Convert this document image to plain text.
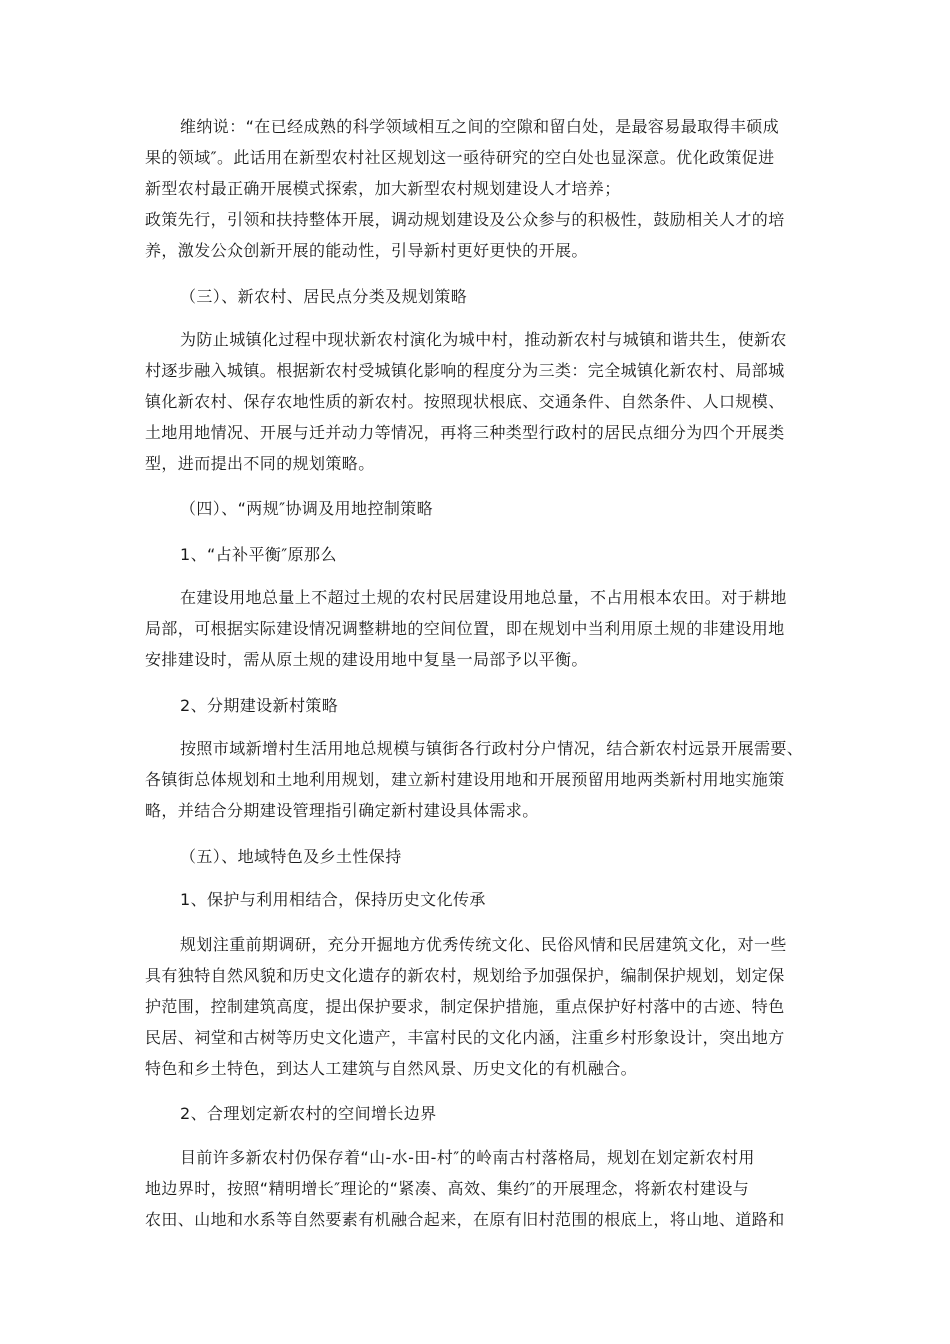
维纳说：“在已经成熟的科学领域相互之间的空隙和留白处，是最容易最取得丰硕成
果的领域″。此话用在新型农村社区规划这一亟待研究的空白处也显深意。优化政策促进
新型农村最正确开展模式探索，加大新型农村规划建设人才培养；
政策先行，引领和扶持整体开展，调动规划建设及公众参与的积极性，鼓励相关人才的培
养，激发公众创新开展的能动性，引导新村更好更快的开展。
（三）、新农村、居民点分类及规划策略
为防止城镇化过程中现状新农村演化为城中村，推动新农村与城镇和谐共生，使新农
村逐步融入城镇。根据新农村受城镇化影响的程度分为三类：完全城镇化新农村、局部城
镇化新农村、保存农地性质的新农村。按照现状根底、交通条件、自然条件、人口规模、
土地用地情况、开展与迁并动力等情况，再将三种类型行政村的居民点细分为四个开展类
型，进而提出不同的规划策略。
（四）、“两规″协调及用地控制策略
1、“占补平衡″原那么
在建设用地总量上不超过土规的农村民居建设用地总量，不占用根本农田。对于耕地
局部，可根据实际建设情况调整耕地的空间位置，即在规划中当利用原土规的非建设用地
安排建设时，需从原土规的建设用地中复垦一局部予以平衡。
2、分期建设新村策略
按照市域新增村生活用地总规模与镇街各行政村分户情况，结合新农村远景开展需要、
各镇街总体规划和土地利用规划，建立新村建设用地和开展预留用地两类新村用地实施策
略，并结合分期建设管理指引确定新村建设具体需求。
（五）、地域特色及乡土性保持
1、保护与利用相结合，保持历史文化传承
规划注重前期调研，充分开掘地方优秀传统文化、民俗风情和民居建筑文化，对一些
具有独特自然风貌和历史文化遗存的新农村，规划给予加强保护，编制保护规划，划定保
护范围，控制建筑高度，提出保护要求，制定保护措施，重点保护好村落中的古迹、特色
民居、祠堂和古树等历史文化遗产，丰富村民的文化内涵，注重乡村形象设计，突出地方
特色和乡土特色，到达人工建筑与自然风景、历史文化的有机融合。
2、合理划定新农村的空间增长边界
目前许多新农村仍保存着“山-水-田-村″的岭南古村落格局，规划在划定新农村用
地边界时，按照“精明增长″理论的“紧凑、高效、集约″的开展理念，将新农村建设与
农田、山地和水系等自然要素有机融合起来，在原有旧村范围的根底上，将山地、道路和
